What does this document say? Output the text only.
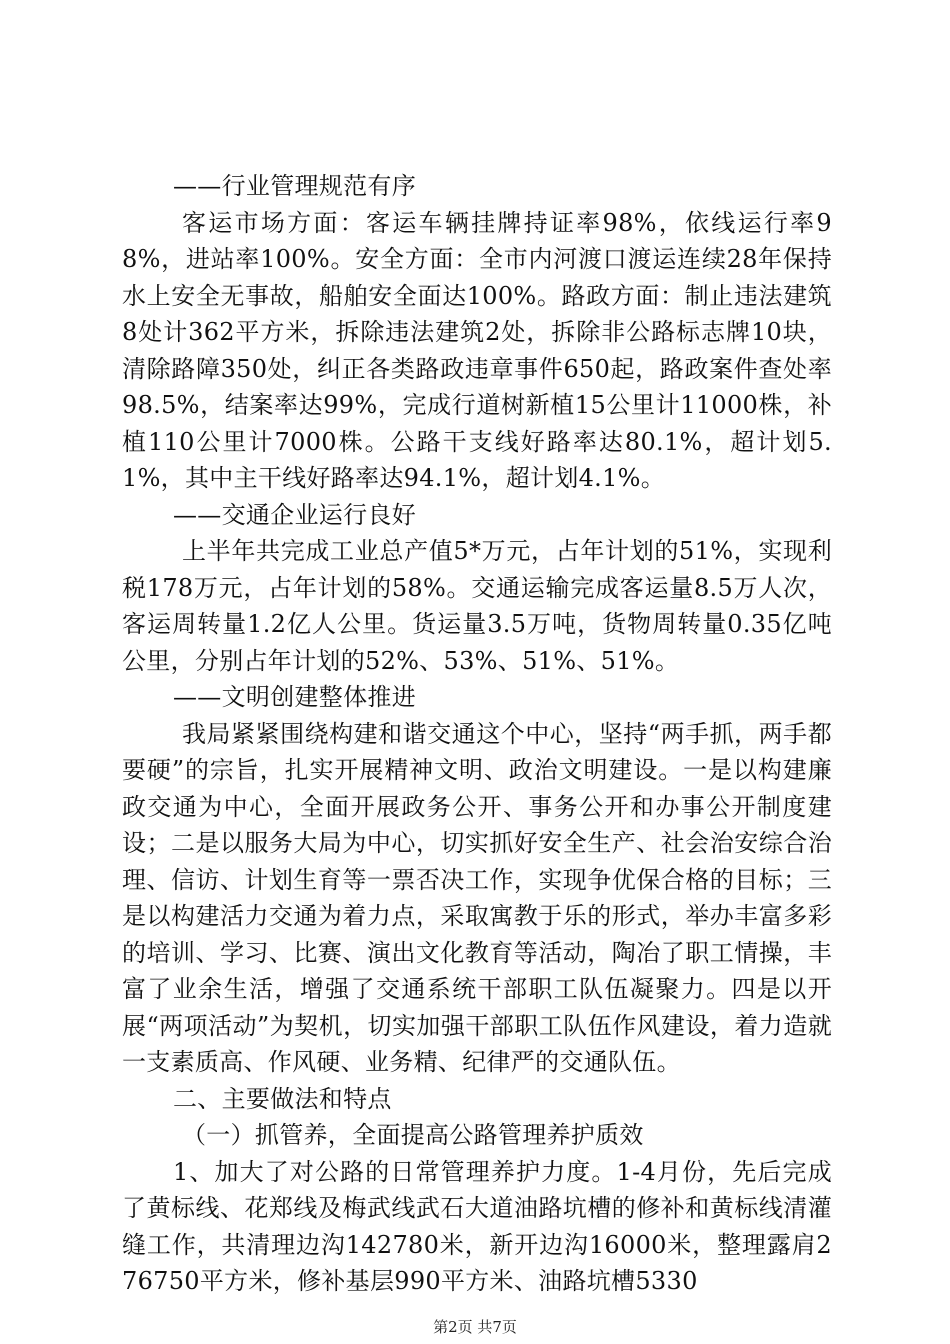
——行业管理规范有序

客运市场方面：客运车辆挂牌持证率98%，依线运行率98%，进站率100%。安全方面：全市内河渡口渡运连续28年保持水上安全无事故，船舶安全面达100%。路政方面：制止违法建筑8处计362平方米，拆除违法建筑2处，拆除非公路标志牌10块，清除路障350处，纠正各类路政违章事件650起，路政案件查处率98.5%，结案率达99%，完成行道树新植15公里计11000株，补植110公里计7000株。公路干支线好路率达80.1%，超计划5.1%，其中主干线好路率达94.1%，超计划4.1%。

——交通企业运行良好

上半年共完成工业总产值5*万元，占年计划的51%，实现利税178万元，占年计划的58%。交通运输完成客运量8.5万人次，客运周转量1.2亿人公里。货运量3.5万吨，货物周转量0.35亿吨公里，分别占年计划的52%、53%、51%、51%。

——文明创建整体推进

我局紧紧围绕构建和谐交通这个中心，坚持“两手抓，两手都要硬”的宗旨，扎实开展精神文明、政治文明建设。一是以构建廉政交通为中心，全面开展政务公开、事务公开和办事公开制度建设；二是以服务大局为中心，切实抓好安全生产、社会治安综合治理、信访、计划生育等一票否决工作，实现争优保合格的目标；三是以构建活力交通为着力点，采取寓教于乐的形式，举办丰富多彩的培训、学习、比赛、演出文化教育等活动，陶冶了职工情操，丰富了业余生活，增强了交通系统干部职工队伍凝聚力。四是以开展“两项活动”为契机，切实加强干部职工队伍作风建设，着力造就一支素质高、作风硬、业务精、纪律严的交通队伍。

二、主要做法和特点

（一）抓管养，全面提高公路管理养护质效

1、加大了对公路的日常管理养护力度。1-4月份，先后完成了黄标线、花郑线及梅武线武石大道油路坑槽的修补和黄标线清灌缝工作，共清理边沟142780米，新开边沟16000米，整理露肩276750平方米，修补基层990平方米、油路坑槽5330

第2页 共7页
